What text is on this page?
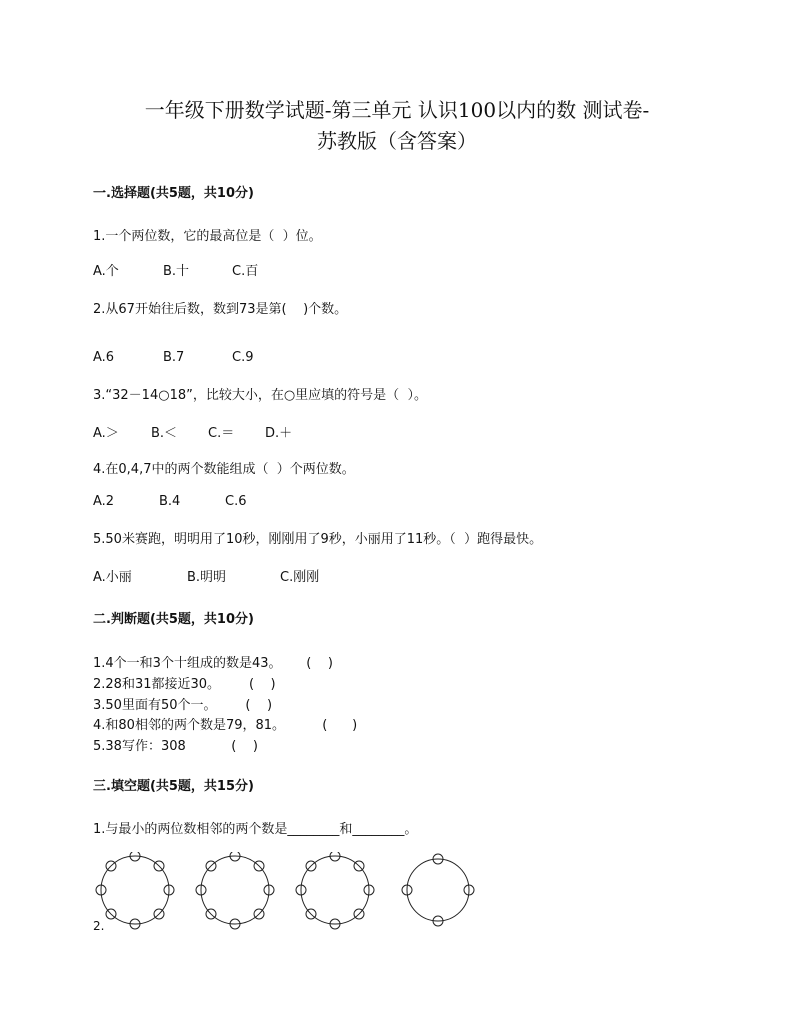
一年级下册数学试题-第三单元 认识100以内的数 测试卷-
苏教版（含答案）
一.选择题(共5题，共10分)
1.一个两位数，它的最高位是（  ）位。
A.个	B.十	C.百
2.从67开始往后数，数到73是第(    )个数。
A.6	B.7	C.9
3.“32－14○18”，比较大小，在○里应填的符号是（  ）。
A.＞ B.＜ C.＝ D.＋
4.在0,4,7中的两个数能组成（  ）个两位数。
A.2	B.4	C.6
5.50米赛跑，明明用了10秒，刚刚用了9秒，小丽用了11秒。（  ）跑得最快。
A.小丽	B.明明	C.刚刚
二.判断题(共5题，共10分)
1.4个一和3个十组成的数是43。      (    )
2.28和31都接近30。       (    )
3.50里面有50个一。       (    )
4.和80相邻的两个数是79，81。         (      )
5.38写作：308           (    )
三.填空题(共5题，共15分)
1.与最小的两位数相邻的两个数是________和________。
2.
